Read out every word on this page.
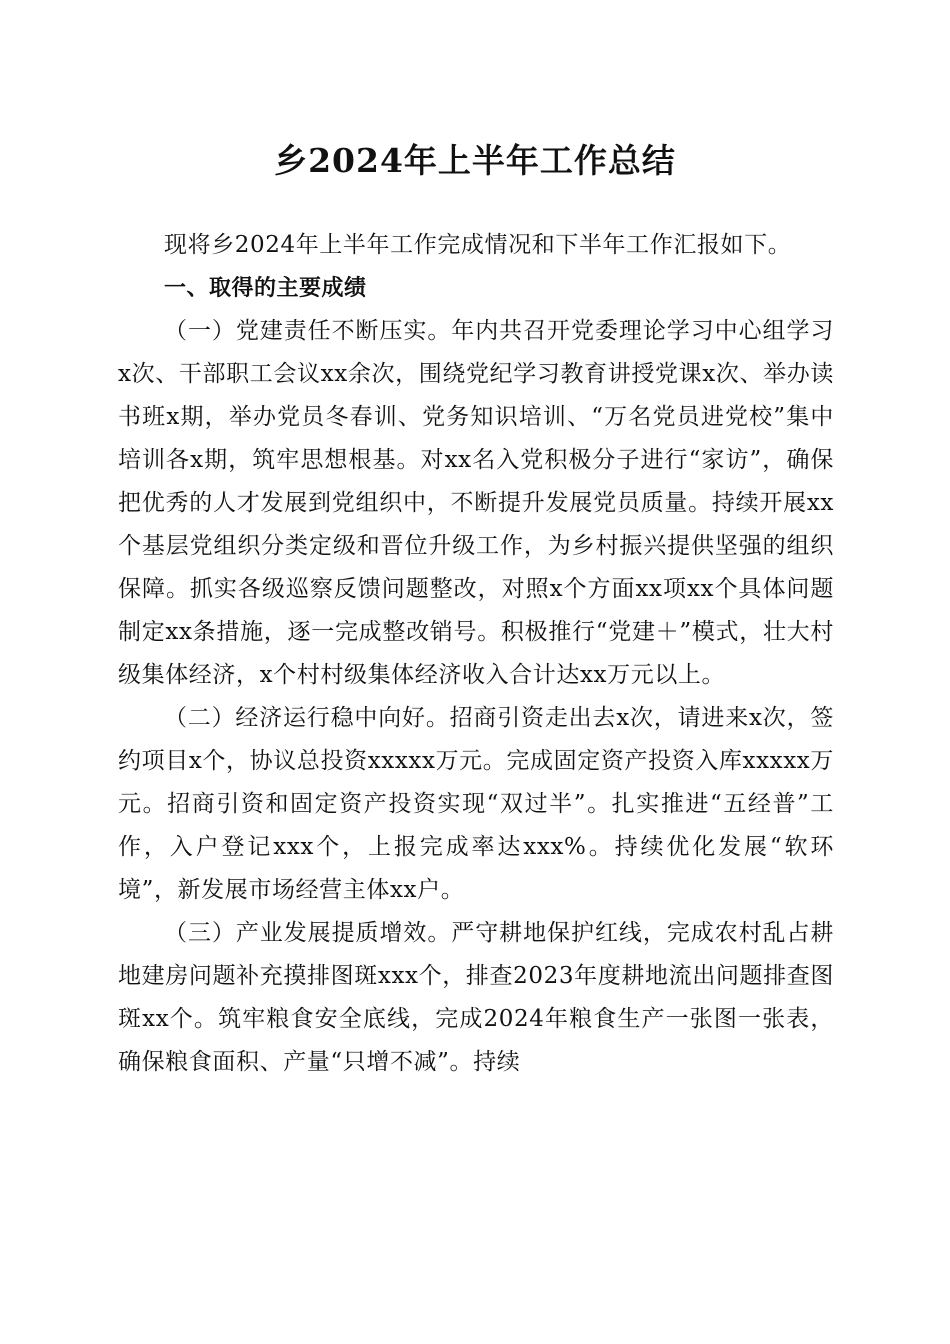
乡2024年上半年工作总结

现将乡2024年上半年工作完成情况和下半年工作汇报如下。

一、取得的主要成绩

（一）党建责任不断压实。年内共召开党委理论学习中心组学习x次、干部职工会议xx余次，围绕党纪学习教育讲授党课x次、举办读书班x期，举办党员冬春训、党务知识培训、“万名党员进党校”集中培训各x期，筑牢思想根基。对xx名入党积极分子进行“家访”，确保把优秀的人才发展到党组织中，不断提升发展党员质量。持续开展xx个基层党组织分类定级和晋位升级工作，为乡村振兴提供坚强的组织保障。抓实各级巡察反馈问题整改，对照x个方面xx项xx个具体问题制定xx条措施，逐一完成整改销号。积极推行“党建＋”模式，壮大村级集体经济，x个村村级集体经济收入合计达xx万元以上。

（二）经济运行稳中向好。招商引资走出去x次，请进来x次，签约项目x个，协议总投资xxxxx万元。完成固定资产投资入库xxxxx万元。招商引资和固定资产投资实现“双过半”。扎实推进“五经普”工作，入户登记xxx个，上报完成率达xxx%。持续优化发展“软环境”，新发展市场经营主体xx户。

（三）产业发展提质增效。严守耕地保护红线，完成农村乱占耕地建房问题补充摸排图斑xxx个，排查2023年度耕地流出问题排查图斑xx个。筑牢粮食安全底线，完成2024年粮食生产一张图一张表，确保粮食面积、产量“只增不减”。持续
